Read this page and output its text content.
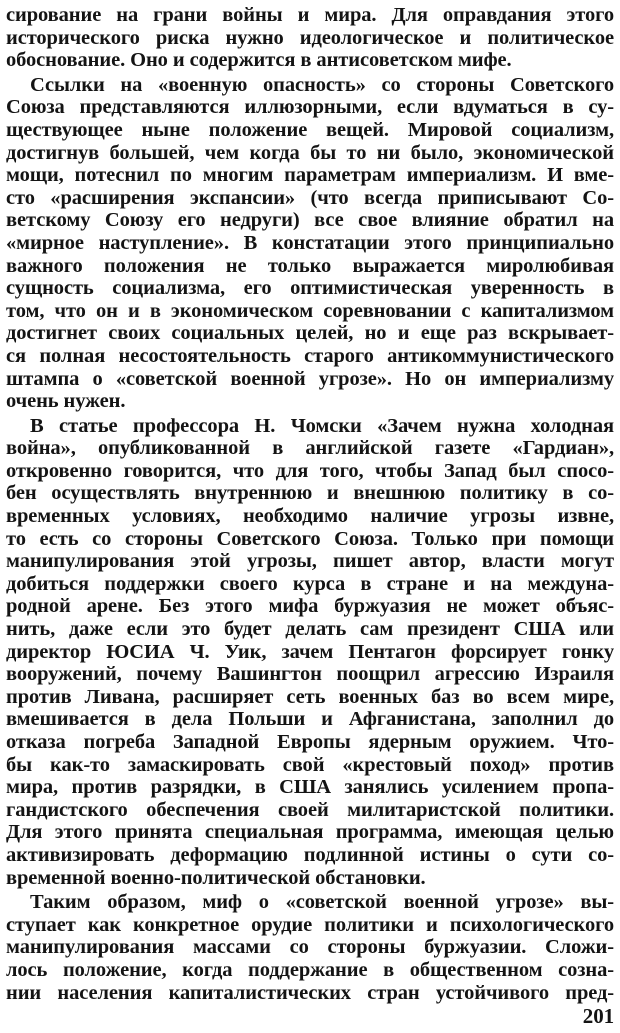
сирование на грани войны и мира. Для оправдания этого
исторического риска нужно идеологическое и политическое
обоснование. Оно и содержится в антисоветском мифе.

Ссылки на «военную опасность» со стороны Советского
Союза представляются иллюзорными, если вдуматься в су-
ществующее ныне положение вещей. Мировой социализм,
достигнув большей, чем когда бы то ни было, экономической
мощи, потеснил по многим параметрам империализм. И вме-
сто «расширения экспансии» (что всегда приписывают Со-
ветскому Союзу его недруги) все свое влияние обратил на
«мирное наступление». В констатации этого принципиально
важного положения не только выражается миролюбивая
сущность социализма, его оптимистическая уверенность в
том, что он и в экономическом соревновании с капитализмом
достигнет своих социальных целей, но и еще раз вскрывает-
ся полная несостоятельность старого антикоммунистического
штампа о «советской военной угрозе». Но он империализму
очень нужен.

В статье профессора Н. Чомски «Зачем нужна холодная
война», опубликованной в английской газете «Гардиан»,
откровенно говорится, что для того, чтобы Запад был спосо-
бен осуществлять внутреннюю и внешнюю политику в со-
временных условиях, необходимо наличие угрозы извне,
то есть со стороны Советского Союза. Только при помощи
манипулирования этой угрозы, пишет автор, власти могут
добиться поддержки своего курса в стране и на междуна-
родной арене. Без этого мифа буржуазия не может объяс-
нить, даже если это будет делать сам президент США или
директор ЮСИА Ч. Уик, зачем Пентагон форсирует гонку
вооружений, почему Вашингтон поощрил агрессию Израиля
против Ливана, расширяет сеть военных баз во всем мире,
вмешивается в дела Польши и Афганистана, заполнил до
отказа погреба Западной Европы ядерным оружием. Что-
бы как-то замаскировать свой «крестовый поход» против
мира, против разрядки, в США занялись усилением пропа-
гандистского обеспечения своей милитаристской политики.
Для этого принята специальная программа, имеющая целью
активизировать деформацию подлинной истины о сути со-
временной военно-политической обстановки.

Таким образом, миф о «советской военной угрозе» вы-
ступает как конкретное орудие политики и психологического
манипулирования массами со стороны буржуазии. Сложи-
лось положение, когда поддержание в общественном созна-
нии населения капиталистических стран устойчивого пред-

201
